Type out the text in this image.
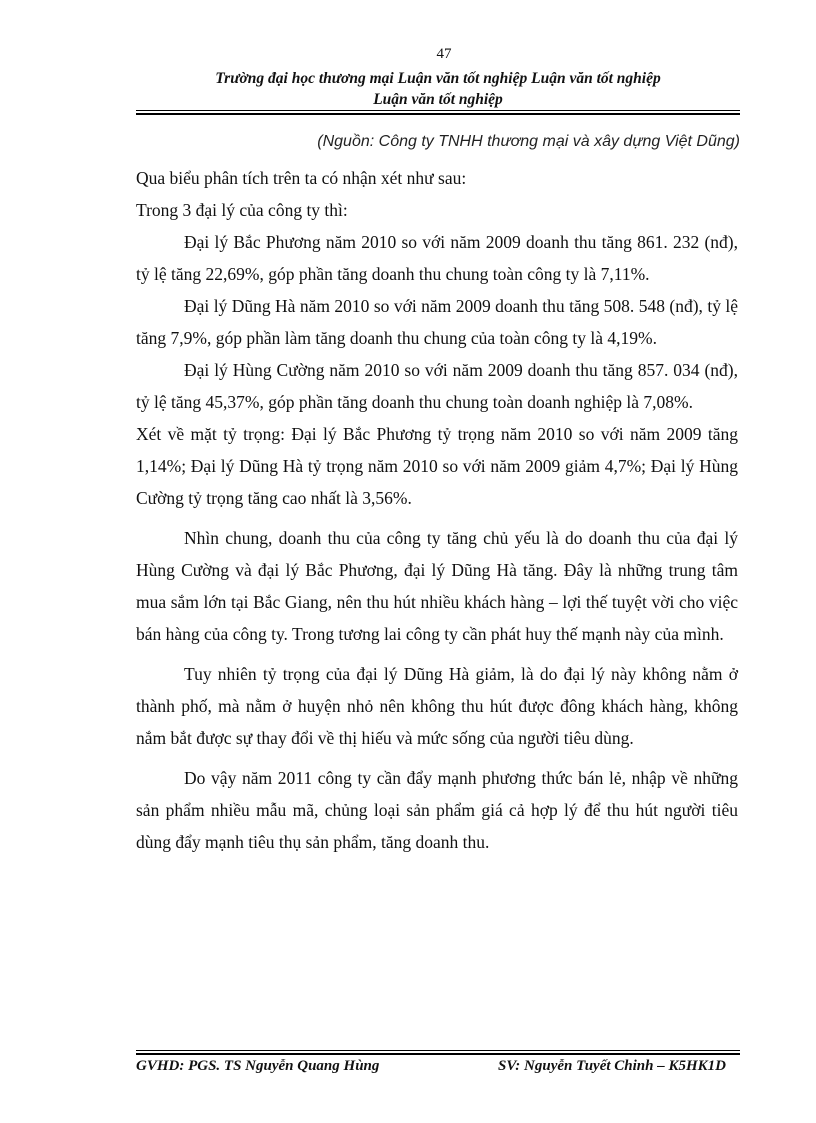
47
Trường đại học thương mại Luận văn tốt nghiệp Luận văn tốt nghiệp
Luận văn tốt nghiệp
(Nguồn: Công ty TNHH thương mại và xây dựng Việt Dũng)

Qua biểu phân tích trên ta có nhận xét như sau:

Trong 3 đại lý của công ty thì:

Đại lý Bắc Phương năm 2010 so với năm 2009 doanh thu tăng 861. 232 (nđ), tỷ lệ tăng 22,69%, góp phần tăng doanh thu chung toàn công ty là 7,11%.

Đại lý Dũng Hà năm 2010 so với năm 2009 doanh thu tăng 508. 548 (nđ), tỷ lệ tăng 7,9%, góp phần làm tăng doanh thu chung của toàn công ty là 4,19%.

Đại lý Hùng Cường năm 2010 so với năm 2009 doanh thu tăng 857. 034 (nđ), tỷ lệ tăng 45,37%, góp phần tăng doanh thu chung toàn doanh nghiệp là 7,08%.

Xét về mặt tỷ trọng: Đại lý Bắc Phương tỷ trọng năm 2010 so với năm 2009 tăng 1,14%; Đại lý Dũng Hà tỷ trọng năm 2010 so với năm 2009 giảm 4,7%; Đại lý Hùng Cường tỷ trọng tăng cao nhất là 3,56%.

Nhìn chung, doanh thu của công ty tăng chủ yếu là do doanh thu của đại lý Hùng Cường và đại lý Bắc Phương, đại lý Dũng Hà tăng. Đây là những trung tâm mua sắm lớn tại Bắc Giang, nên thu hút nhiều khách hàng – lợi thế tuyệt vời cho việc bán hàng của công ty. Trong tương lai công ty cần phát huy thế mạnh này của mình.

Tuy nhiên tỷ trọng của đại lý Dũng Hà giảm, là do đại lý này không nằm ở thành phố, mà nằm ở huyện nhỏ nên không thu hút được đông khách hàng, không nắm bắt được sự thay đổi về thị hiếu và mức sống của người tiêu dùng.

Do vậy năm 2011 công ty cần đẩy mạnh phương thức bán lẻ, nhập về những sản phẩm nhiều mẫu mã, chủng loại sản phẩm giá cả hợp lý để thu hút người tiêu dùng đẩy mạnh tiêu thụ sản phẩm, tăng doanh thu.

GVHD: PGS. TS Nguyễn Quang Hùng	SV: Nguyễn Tuyết Chinh – K5HK1D
